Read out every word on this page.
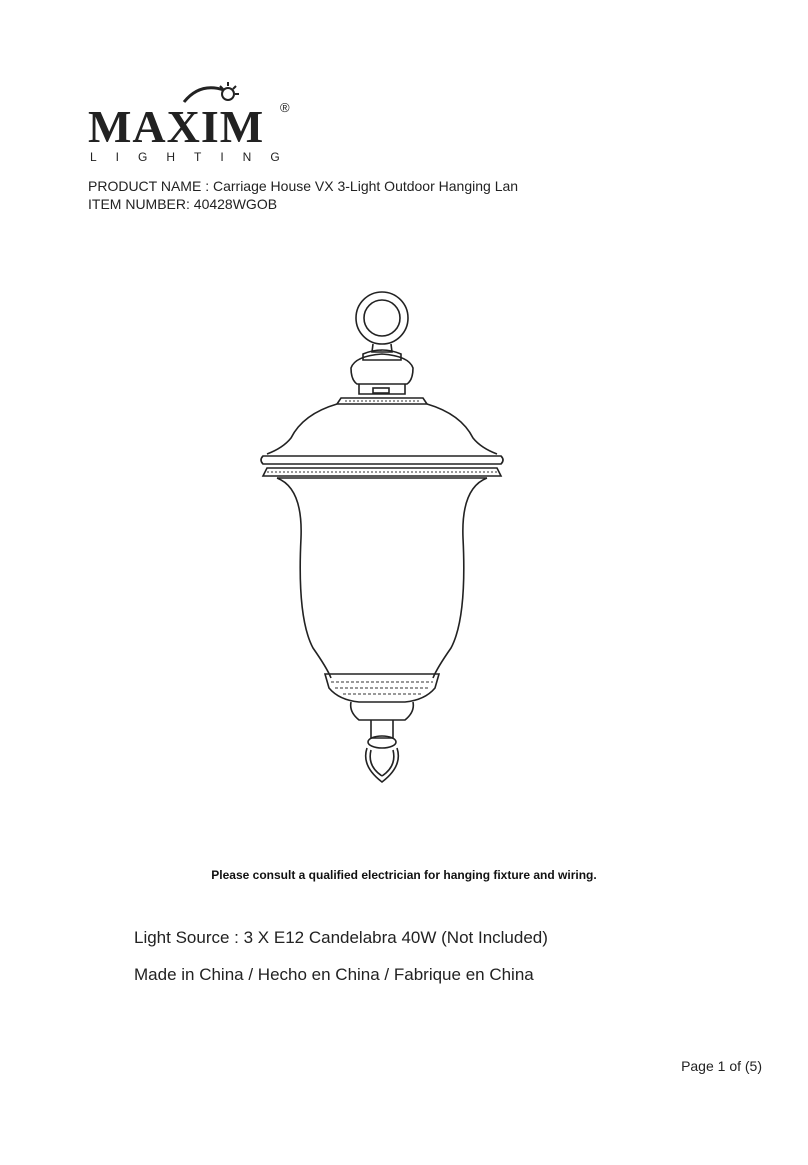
MAXIM ®
LIGHTING
PRODUCT NAME : Carriage House VX 3-Light Outdoor Hanging Lan
ITEM NUMBER: 40428WGOB
Please consult a qualified electrician for hanging fixture and wiring.
Light Source : 3 X E12 Candelabra 40W (Not Included)
Made in China / Hecho en China / Fabrique en China
Page 1 of (5)
